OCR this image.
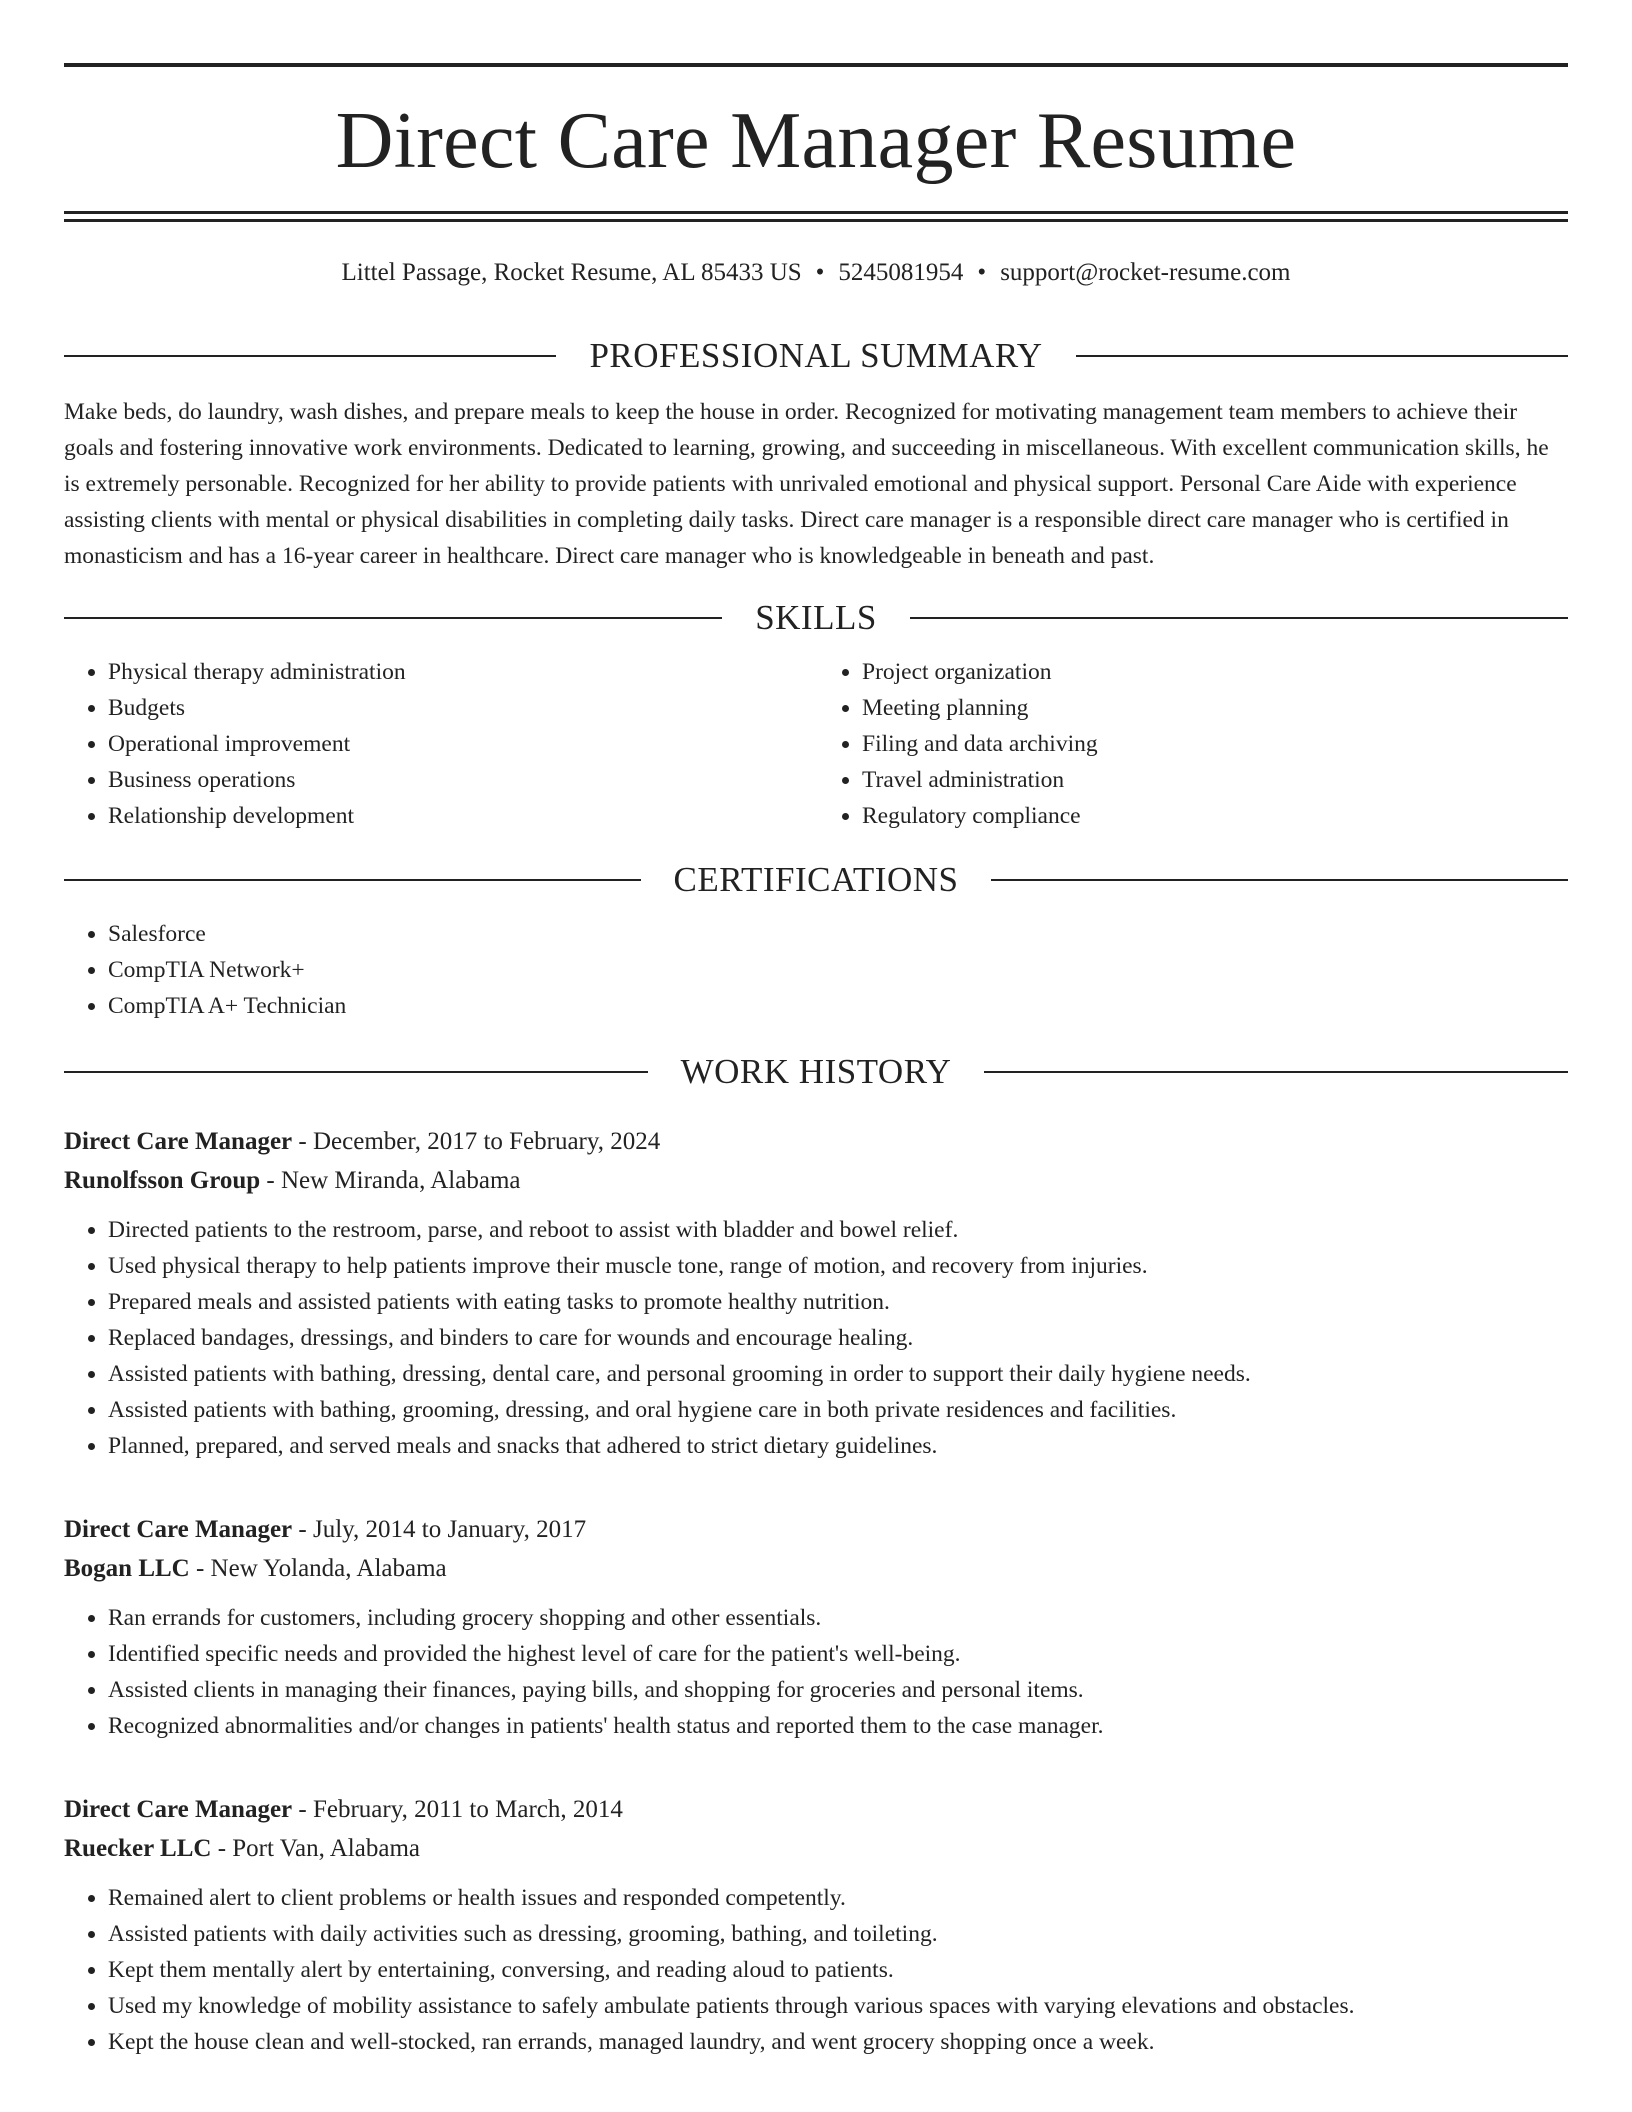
Direct Care Manager Resume
Littel Passage, Rocket Resume, AL 85433 US • 5245081954 • support@rocket-resume.com
PROFESSIONAL SUMMARY
Make beds, do laundry, wash dishes, and prepare meals to keep the house in order. Recognized for motivating management team members to achieve their goals and fostering innovative work environments. Dedicated to learning, growing, and succeeding in miscellaneous. With excellent communication skills, he is extremely personable. Recognized for her ability to provide patients with unrivaled emotional and physical support. Personal Care Aide with experience assisting clients with mental or physical disabilities in completing daily tasks. Direct care manager is a responsible direct care manager who is certified in monasticism and has a 16-year career in healthcare. Direct care manager who is knowledgeable in beneath and past.
SKILLS
• Physical therapy administration
• Budgets
• Operational improvement
• Business operations
• Relationship development
• Project organization
• Meeting planning
• Filing and data archiving
• Travel administration
• Regulatory compliance
CERTIFICATIONS
• Salesforce
• CompTIA Network+
• CompTIA A+ Technician
WORK HISTORY
Direct Care Manager - December, 2017 to February, 2024
Runolfsson Group - New Miranda, Alabama
• Directed patients to the restroom, parse, and reboot to assist with bladder and bowel relief.
• Used physical therapy to help patients improve their muscle tone, range of motion, and recovery from injuries.
• Prepared meals and assisted patients with eating tasks to promote healthy nutrition.
• Replaced bandages, dressings, and binders to care for wounds and encourage healing.
• Assisted patients with bathing, dressing, dental care, and personal grooming in order to support their daily hygiene needs.
• Assisted patients with bathing, grooming, dressing, and oral hygiene care in both private residences and facilities.
• Planned, prepared, and served meals and snacks that adhered to strict dietary guidelines.
Direct Care Manager - July, 2014 to January, 2017
Bogan LLC - New Yolanda, Alabama
• Ran errands for customers, including grocery shopping and other essentials.
• Identified specific needs and provided the highest level of care for the patient's well-being.
• Assisted clients in managing their finances, paying bills, and shopping for groceries and personal items.
• Recognized abnormalities and/or changes in patients' health status and reported them to the case manager.
Direct Care Manager - February, 2011 to March, 2014
Ruecker LLC - Port Van, Alabama
• Remained alert to client problems or health issues and responded competently.
• Assisted patients with daily activities such as dressing, grooming, bathing, and toileting.
• Kept them mentally alert by entertaining, conversing, and reading aloud to patients.
• Used my knowledge of mobility assistance to safely ambulate patients through various spaces with varying elevations and obstacles.
• Kept the house clean and well-stocked, ran errands, managed laundry, and went grocery shopping once a week.
